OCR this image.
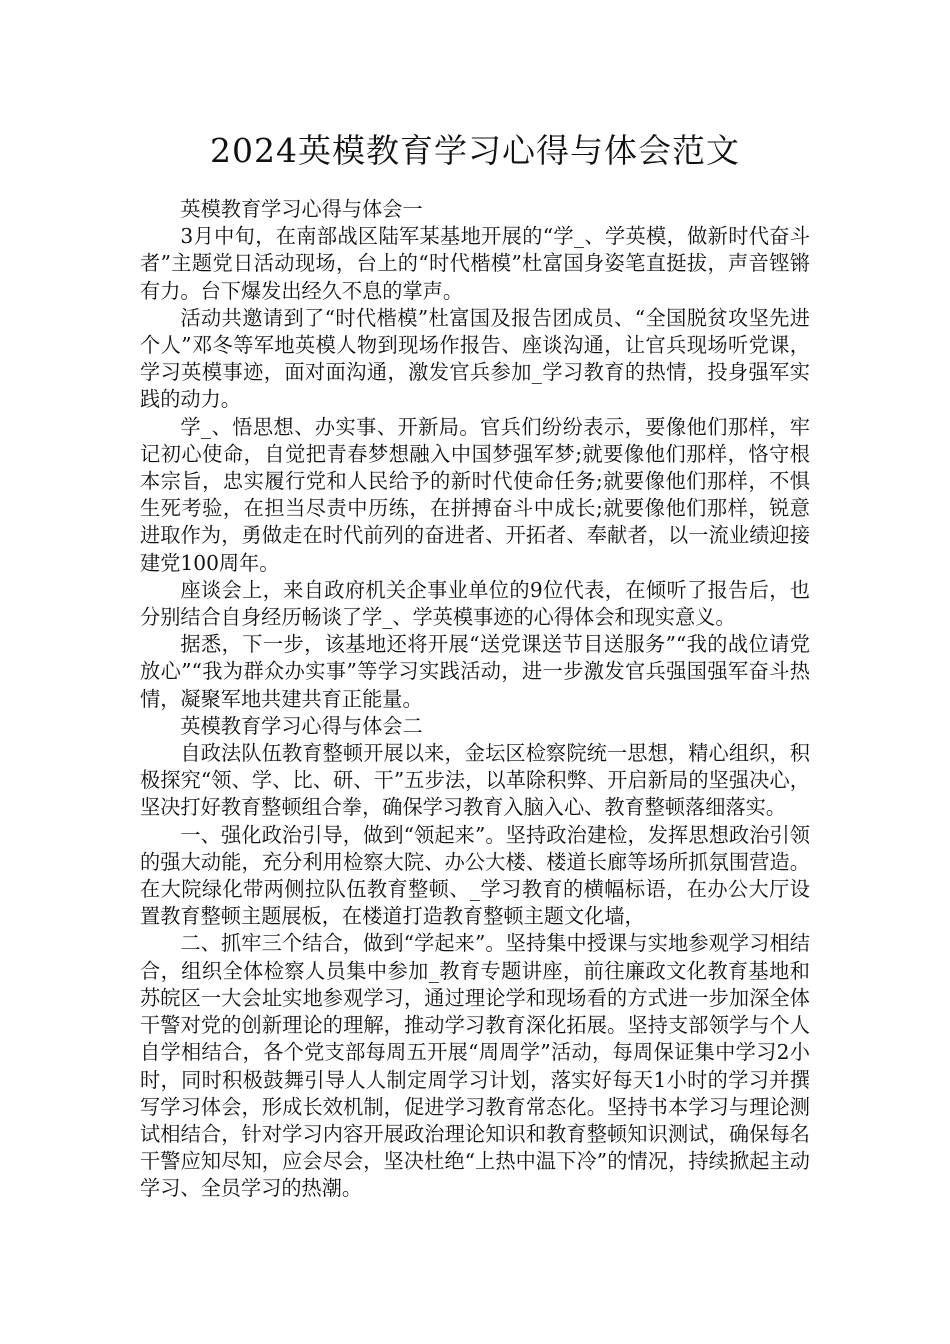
2024英模教育学习心得与体会范文

英模教育学习心得与体会一

3月中旬，在南部战区陆军某基地开展的“学_、学英模，做新时代奋斗者”主题党日活动现场，台上的“时代楷模”杜富国身姿笔直挺拔，声音铿锵有力。台下爆发出经久不息的掌声。

活动共邀请到了“时代楷模”杜富国及报告团成员、“全国脱贫攻坚先进个人”邓冬等军地英模人物到现场作报告、座谈沟通，让官兵现场听党课，学习英模事迹，面对面沟通，激发官兵参加_学习教育的热情，投身强军实践的动力。

学_、悟思想、办实事、开新局。官兵们纷纷表示，要像他们那样，牢记初心使命，自觉把青春梦想融入中国梦强军梦;就要像他们那样，恪守根本宗旨，忠实履行党和人民给予的新时代使命任务;就要像他们那样，不惧生死考验，在担当尽责中历练，在拼搏奋斗中成长;就要像他们那样，锐意进取作为，勇做走在时代前列的奋进者、开拓者、奉献者，以一流业绩迎接建党100周年。

座谈会上，来自政府机关企事业单位的9位代表，在倾听了报告后，也分别结合自身经历畅谈了学_、学英模事迹的心得体会和现实意义。

据悉，下一步，该基地还将开展“送党课送节目送服务”“我的战位请党放心”“我为群众办实事”等学习实践活动，进一步激发官兵强国强军奋斗热情，凝聚军地共建共育正能量。

英模教育学习心得与体会二

自政法队伍教育整顿开展以来，金坛区检察院统一思想，精心组织，积极探究“领、学、比、研、干”五步法，以革除积弊、开启新局的坚强决心，坚决打好教育整顿组合拳，确保学习教育入脑入心、教育整顿落细落实。

一、强化政治引导，做到“领起来”。坚持政治建检，发挥思想政治引领的强大动能，充分利用检察大院、办公大楼、楼道长廊等场所抓氛围营造。在大院绿化带两侧拉队伍教育整顿、_学习教育的横幅标语，在办公大厅设置教育整顿主题展板，在楼道打造教育整顿主题文化墙，

二、抓牢三个结合，做到“学起来”。坚持集中授课与实地参观学习相结合，组织全体检察人员集中参加_教育专题讲座，前往廉政文化教育基地和苏皖区一大会址实地参观学习，通过理论学和现场看的方式进一步加深全体干警对党的创新理论的理解，推动学习教育深化拓展。坚持支部领学与个人自学相结合，各个党支部每周五开展“周周学”活动，每周保证集中学习2小时，同时积极鼓舞引导人人制定周学习计划，落实好每天1小时的学习并撰写学习体会，形成长效机制，促进学习教育常态化。坚持书本学习与理论测试相结合，针对学习内容开展政治理论知识和教育整顿知识测试，确保每名干警应知尽知，应会尽会，坚决杜绝“上热中温下冷”的情况，持续掀起主动学习、全员学习的热潮。
